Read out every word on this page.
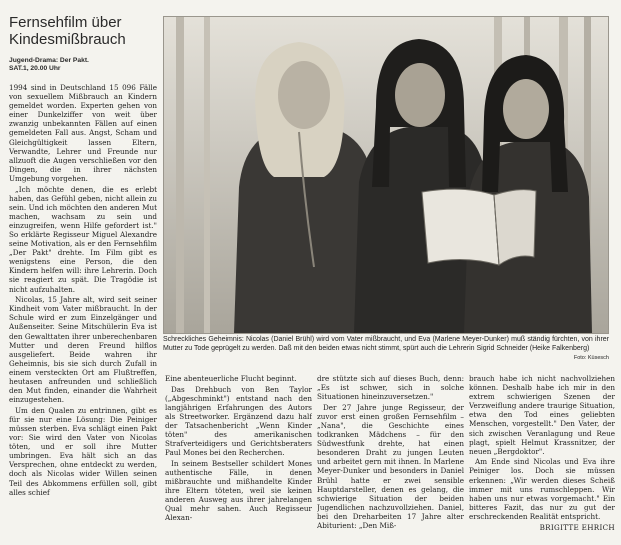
Fernsehfilm über
Kindesmißbrauch
Jugend-Drama: Der Pakt.
SAT.1, 20.00 Uhr

1994 sind in Deutschland 15 096 Fälle von sexuellem Mißbrauch an Kindern gemeldet worden. Experten gehen von einer Dunkelziffer von weit über zwanzig unbekannten Fällen auf einen gemeldeten Fall aus. Angst, Scham und Gleichgültigkeit lassen Eltern, Verwandte, Lehrer und Freunde nur allzuoft die Augen verschließen vor den Dingen, die in ihrer nächsten Umgebung vorgehen.

„Ich möchte denen, die es erlebt haben, das Gefühl geben, nicht allein zu sein. Und ich möchten den anderen Mut machen, wachsam zu sein und einzugreifen, wenn Hilfe gefordert ist." So erklärte Regisseur Miguel Alexandre seine Motivation, als er den Fernsehfilm „Der Pakt" drehte. Im Film gibt es wenigstens eine Person, die den Kindern helfen will: ihre Lehrerin. Doch sie reagiert zu spät. Die Tragödie ist nicht aufzuhalten.

Nicolas, 15 Jahre alt, wird seit seiner Kindheit vom Vater mißbraucht. In der Schule wird er zum Einzelgänger und Außenseiter. Seine Mitschülerin Eva ist den Gewalttaten ihrer unberechenbaren Mutter und deren Freund hilflos ausgeliefert. Beide wahren ihr Geheimnis, bis sie sich durch Zufall in einem versteckten Ort am Flußtreffen, heutasen anfreunden und schließlich den Mut finden, einander die Wahrheit einzugestehen.

Um den Qualen zu entrinnen, gibt es für sie nur eine Lösung: Die Peiniger müssen sterben. Eva schlägt einen Pakt vor: Sie wird den Vater von Nicolas töten, und er soll ihre Mutter umbringen. Eva hält sich an das Versprechen, ohne entdeckt zu werden, doch als Nicolas wider Willen seinen Teil des Abkommens erfüllen soll, gibt alles schief

Schreckliches Geheimnis: Nicolas (Daniel Brühl) wird vom Vater mißbraucht, und Eva (Marlene Meyer-Dunker) muß ständig fürchten, von ihrer Mutter zu Tode geprügelt zu werden. Daß mit den beiden etwas nicht stimmt, spürt auch die Lehrerin Sigrid Schneider (Heike Falkenberg)
Foto: Küsesch

Eine abenteuerliche Flucht beginnt.

Das Drehbuch von Ben Taylor („Abgeschminkt") entstand nach den langjährigen Erfahrungen des Autors als Streetworker. Ergänzend dazu half der Tatsachenbericht „Wenn Kinder töten" des amerikanischen Strafverteidigers und Gerichtsberaters Paul Mones bei den Recherchen.

In seinem Bestseller schildert Mones authentische Fälle, in denen mißbrauchte und mißhandelte Kinder ihre Eltern töteten, weil sie keinen anderen Ausweg aus ihrer jahrelangen Qual mehr sahen. Auch Regisseur Alexan-

dre stützte sich auf dieses Buch, denn: „Es ist schwer, sich in solche Situationen hineinzuversetzen."

Der 27 Jahre junge Regisseur, der zuvor erst einen großen Fernsehfilm – „Nana", die Geschichte eines todkranken Mädchens – für den Südwestfunk drehte, hat einen besonderen Draht zu jungen Leuten und arbeitet gern mit ihnen. In Marlene Meyer-Dunker und besonders in Daniel Brühl hatte er zwei sensible Hauptdarsteller, denen es gelang, die schwierige Situation der beiden Jugendlichen nachzuvollziehen. Daniel, bei den Dreharbeiten 17 Jahre alter Abiturient: „Den Miß-

brauch habe ich nicht nachvollziehen können. Deshalb habe ich mir in den extrem schwierigen Szenen der Verzweiflung andere traurige Situation, etwa den Tod eines geliebten Menschen, vorgestellt." Den Vater, der sich zwischen Veranlagung und Reue plagt, spielt Helmut Krassnitzer, der neuen „Bergdoktor".

Am Ende sind Nicolas und Eva ihre Peiniger los. Doch sie müssen erkennen: „Wir werden dieses Scheiß immer mit uns rumschleppen. Wir haben uns nur etwas vorgemacht." Ein bitteres Fazit, das nur zu gut der erschreckenden Realität entspricht.

BRIGITTE EHRICH
